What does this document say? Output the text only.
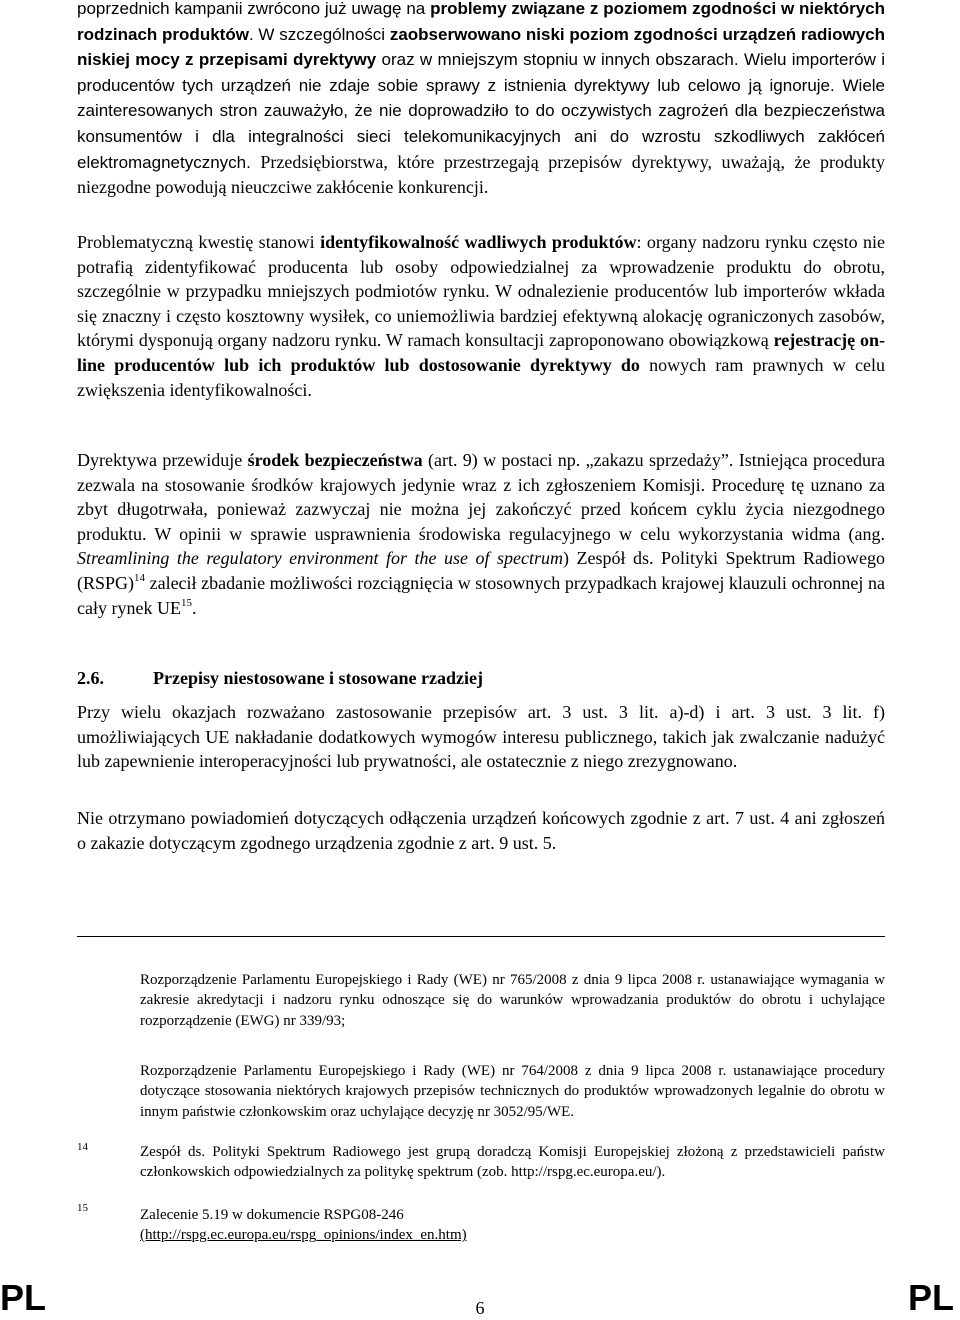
poprzednich kampanii zwrócono już uwagę na problemy związane z poziomem zgodności w niektórych rodzinach produktów. W szczególności zaobserwowano niski poziom zgodności urządzeń radiowych niskiej mocy z przepisami dyrektywy oraz w mniejszym stopniu w innych obszarach. Wielu importerów i producentów tych urządzeń nie zdaje sobie sprawy z istnienia dyrektywy lub celowo ją ignoruje. Wiele zainteresowanych stron zauważyło, że nie doprowadziło to do oczywistych zagrożeń dla bezpieczeństwa konsumentów i dla integralności sieci telekomunikacyjnych ani do wzrostu szkodliwych zakłóceń elektromagnetycznych. Przedsiębiorstwa, które przestrzegają przepisów dyrektywy, uważają, że produkty niezgodne powodują nieuczciwe zakłócenie konkurencji.

Problematyczną kwestię stanowi identyfikowalność wadliwych produktów: organy nadzoru rynku często nie potrafią zidentyfikować producenta lub osoby odpowiedzialnej za wprowadzenie produktu do obrotu, szczególnie w przypadku mniejszych podmiotów rynku. W odnalezienie producentów lub importerów wkłada się znaczny i często kosztowny wysiłek, co uniemożliwia bardziej efektywną alokację ograniczonych zasobów, którymi dysponują organy nadzoru rynku. W ramach konsultacji zaproponowano obowiązkową rejestrację on-line producentów lub ich produktów lub dostosowanie dyrektywy do nowych ram prawnych w celu zwiększenia identyfikowalności.

Dyrektywa przewiduje środek bezpieczeństwa (art. 9) w postaci np. „zakazu sprzedaży”. Istniejąca procedura zezwala na stosowanie środków krajowych jedynie wraz z ich zgłoszeniem Komisji. Procedurę tę uznano za zbyt długotrwała, ponieważ zazwyczaj nie można jej zakończyć przed końcem cyklu życia niezgodnego produktu. W opinii w sprawie usprawnienia środowiska regulacyjnego w celu wykorzystania widma (ang. Streamlining the regulatory environment for the use of spectrum) Zespół ds. Polityki Spektrum Radiowego (RSPG)$^{14}$ zalecił zbadanie możliwości rozciągnięcia w stosownych przypadkach krajowej klauzuli ochronnej na cały rynek UE$^{15}$.

2.6.	Przepisy niestosowane i stosowane rzadziej

Przy wielu okazjach rozważano zastosowanie przepisów art. 3 ust. 3 lit. a)-d) i art. 3 ust. 3 lit. f) umożliwiających UE nakładanie dodatkowych wymogów interesu publicznego, takich jak zwalczanie nadużyć lub zapewnienie interoperacyjności lub prywatności, ale ostatecznie z niego zrezygnowano.

Nie otrzymano powiadomień dotyczących odłączenia urządzeń końcowych zgodnie z art. 7 ust. 4 ani zgłoszeń o zakazie dotyczącym zgodnego urządzenia zgodnie z art. 9 ust. 5.

Rozporządzenie Parlamentu Europejskiego i Rady (WE) nr 765/2008 z dnia 9 lipca 2008 r. ustanawiające wymagania w zakresie akredytacji i nadzoru rynku odnoszące się do warunków wprowadzania produktów do obrotu i uchylające rozporządzenie (EWG) nr 339/93;

Rozporządzenie Parlamentu Europejskiego i Rady (WE) nr 764/2008 z dnia 9 lipca 2008 r. ustanawiające procedury dotyczące stosowania niektórych krajowych przepisów technicznych do produktów wprowadzonych legalnie do obrotu w innym państwie członkowskim oraz uchylające decyzję nr 3052/95/WE.

14	Zespół ds. Polityki Spektrum Radiowego jest grupą doradczą Komisji Europejskiej złożoną z przedstawicieli państw członkowskich odpowiedzialnych za politykę spektrum (zob. http://rspg.ec.europa.eu/).

15	Zalecenie 5.19 w dokumencie RSPG08-246
(http://rspg.ec.europa.eu/rspg_opinions/index_en.htm)

PL	6	PL
